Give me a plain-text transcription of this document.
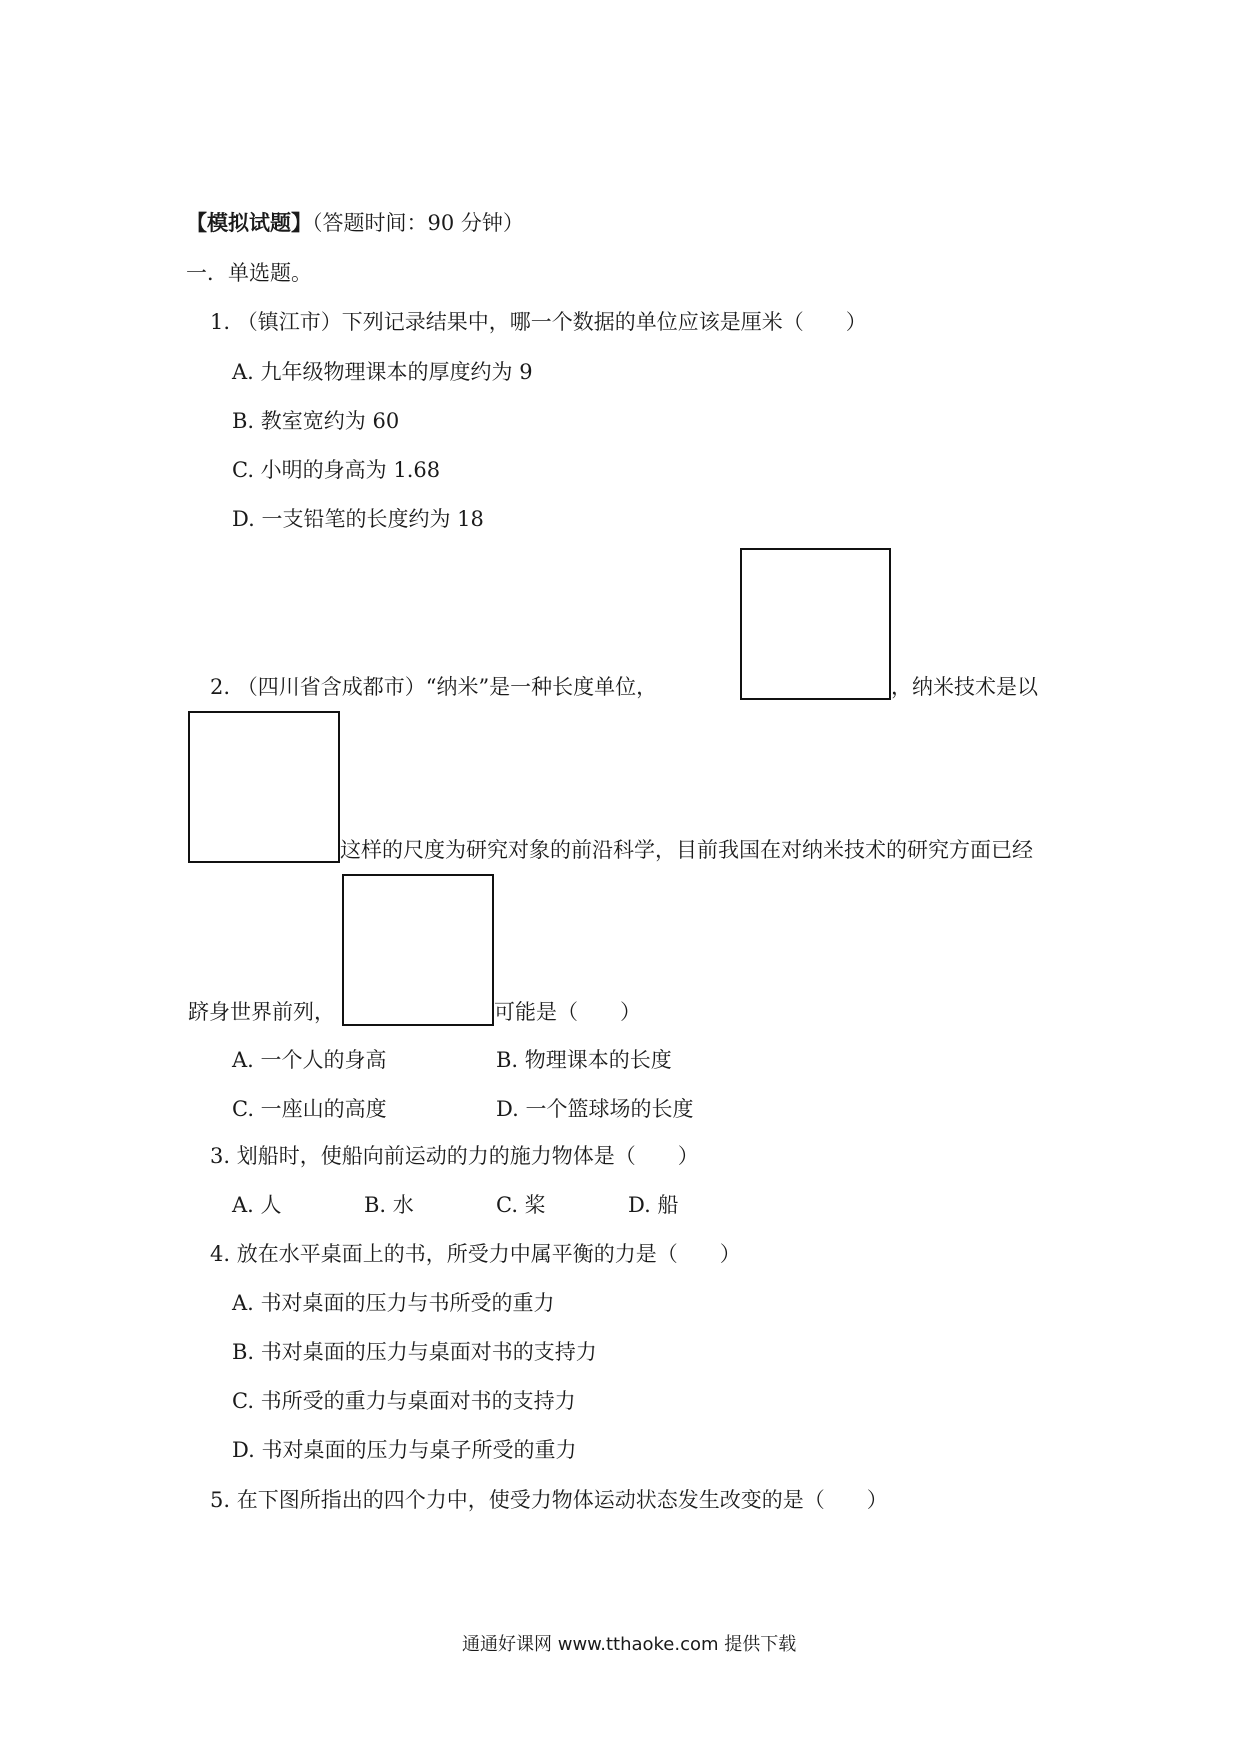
【模拟试题】（答题时间：90 分钟）
一．单选题。
1. （镇江市）下列记录结果中，哪一个数据的单位应该是厘米（　　）
A. 九年级物理课本的厚度约为 9
B. 教室宽约为 60
C. 小明的身高为 1.68
D. 一支铅笔的长度约为 18
2. （四川省含成都市）“纳米”是一种长度单位，	，纳米技术是以
这样的尺度为研究对象的前沿科学，目前我国在对纳米技术的研究方面已经
跻身世界前列，	可能是（　　）
A. 一个人的身高	B. 物理课本的长度
C. 一座山的高度	D. 一个篮球场的长度
3. 划船时，使船向前运动的力的施力物体是（　　）
A. 人	B. 水	C. 桨	D. 船
4. 放在水平桌面上的书，所受力中属平衡的力是（　　）
A. 书对桌面的压力与书所受的重力
B. 书对桌面的压力与桌面对书的支持力
C. 书所受的重力与桌面对书的支持力
D. 书对桌面的压力与桌子所受的重力
5. 在下图所指出的四个力中，使受力物体运动状态发生改变的是（　　）
通通好课网 www.tthaoke.com 提供下载
